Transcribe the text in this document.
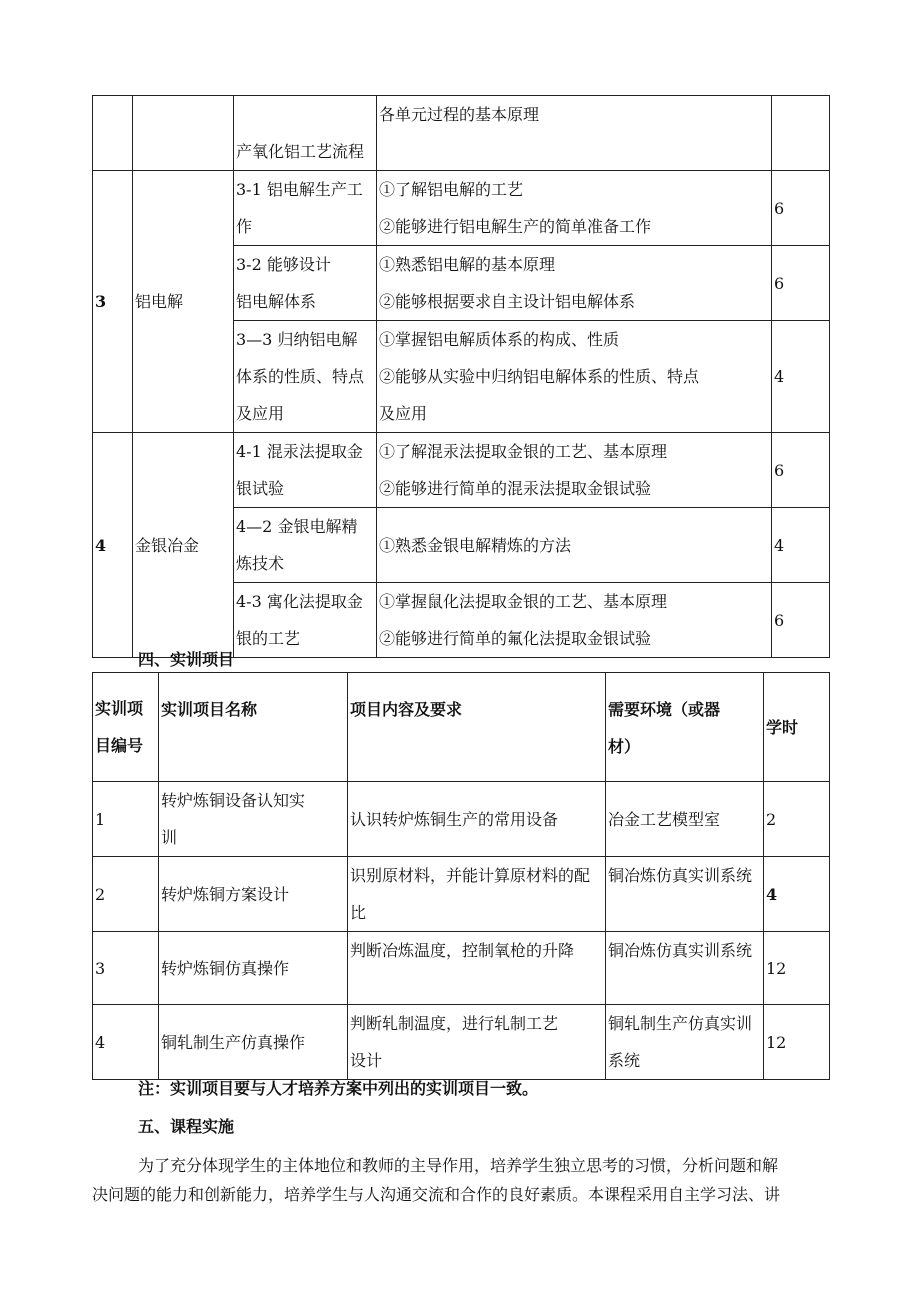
		产氧化铝工艺流程	各单元过程的基本原理	

3	铝电解	3-1 铝电解生产工
作	①了解铝电解的工艺
②能够进行铝电解生产的简单准备工作	6

		3-2 能够设计
铝电解体系	①熟悉铝电解的基本原理
②能够根据要求自主设计铝电解体系	6

		3—3 归纳铝电解
体系的性质、特点
及应用	①掌握铝电解质体系的构成、性质
②能够从实验中归纳铝电解体系的性质、特点
及应用	4
4	金银冶金	4-1 混汞法提取金
银试验	①了解混汞法提取金银的工艺、基本原理
②能够进行简单的混汞法提取金银试验	6

		4—2 金银电解精
炼技术	①熟悉金银电解精炼的方法	4

		4-3 寓化法提取金
银的工艺	①掌握鼠化法提取金银的工艺、基本原理
②能够进行简单的氟化法提取金银试验	6
四、实训项目
实训项
目编号	实训项目名称	项目内容及要求	需要环境（或器
材）	学时

1	转炉炼铜设备认知实
训	认识转炉炼铜生产的常用设备	冶金工艺模型室	2
2	转炉炼铜方案设计	识别原材料，并能计算原材料的配
比	铜冶炼仿真实训系统	4
3	转炉炼铜仿真操作	判断冶炼温度，控制氧枪的升降	铜冶炼仿真实训系统	12
4	铜轧制生产仿真操作	判断轧制温度，进行轧制工艺
设计	铜轧制生产仿真实训
系统	12
注：实训项目要与人才培养方案中列出的实训项目一致。
五、课程实施
为了充分体现学生的主体地位和教师的主导作用，培养学生独立思考的习惯，分析问题和解
决问题的能力和创新能力，培养学生与人沟通交流和合作的良好素质。本课程采用自主学习法、讲
